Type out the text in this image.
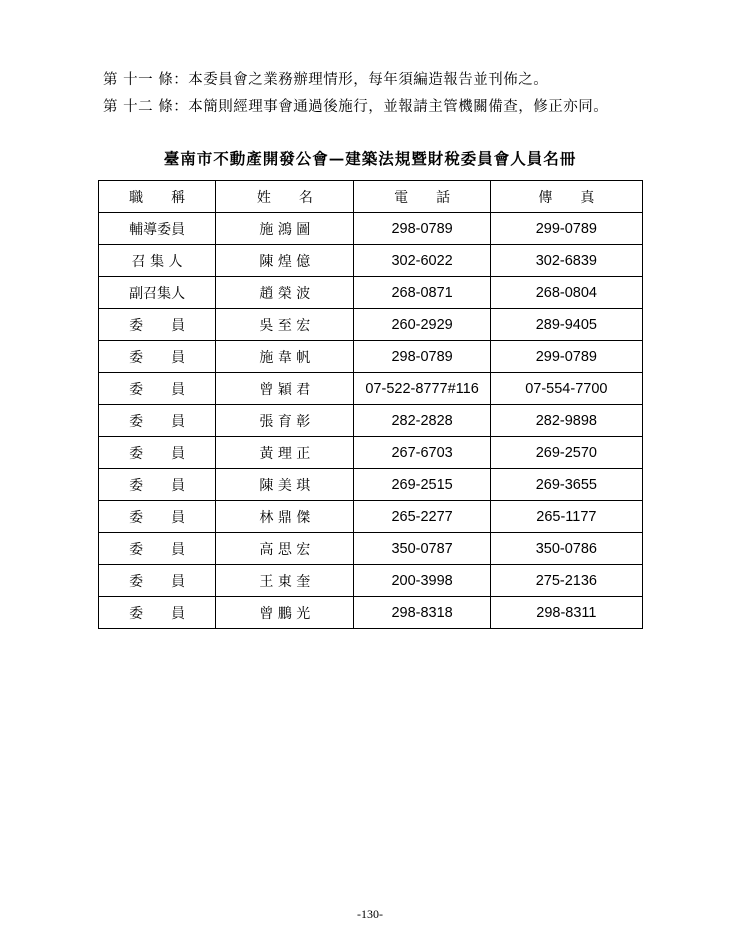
第 十一 條：本委員會之業務辦理情形，每年須編造報告並刊佈之。
第 十二 條：本簡則經理事會通過後施行，並報請主管機關備查，修正亦同。
臺南市不動產開發公會—建築法規暨財稅委員會人員名冊
職　　稱	姓　　名	電　　話	傳　　真
輔導委員	施 鴻 圖	298-0789	299-0789
召 集 人	陳 煌 億	302-6022	302-6839
副召集人	趙 榮 波	268-0871	268-0804
委　　員	吳 至 宏	260-2929	289-9405
委　　員	施 韋 帆	298-0789	299-0789
委　　員	曾 穎 君	07-522-8777#116	07-554-7700
委　　員	張 育 彰	282-2828	282-9898
委　　員	黃 理 正	267-6703	269-2570
委　　員	陳 美 琪	269-2515	269-3655
委　　員	林 鼎 傑	265-2277	265-1177
委　　員	高 思 宏	350-0787	350-0786
委　　員	王 東 奎	200-3998	275-2136
委　　員	曾 鵬 光	298-8318	298-8311
-130-
